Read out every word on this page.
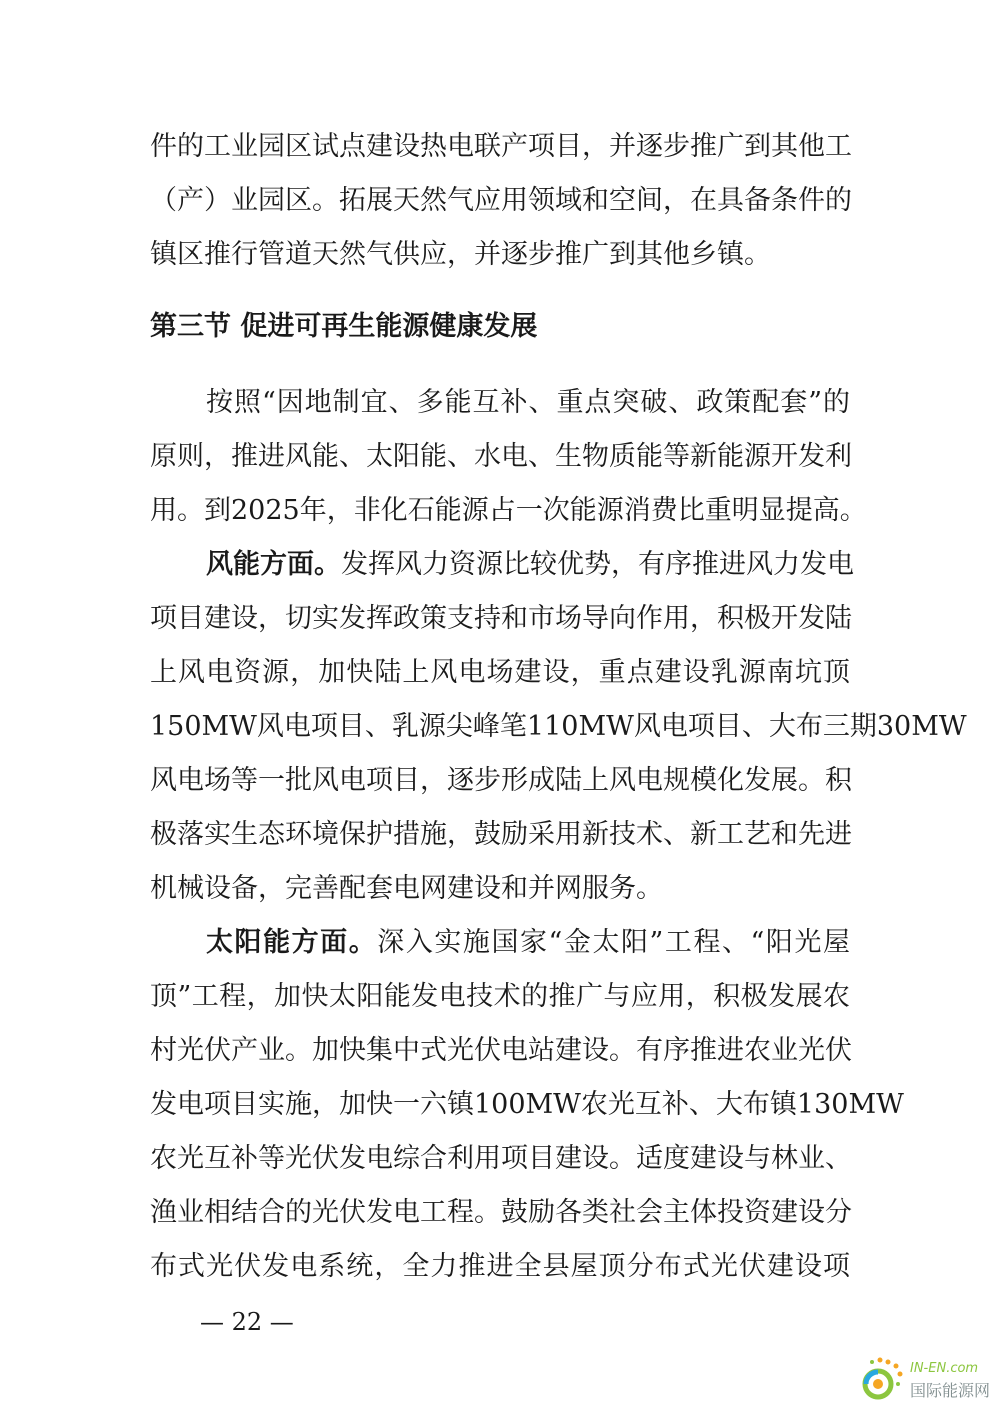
件的工业园区试点建设热电联产项目，并逐步推广到其他工
（产）业园区。拓展天然气应用领域和空间，在具备条件的
镇区推行管道天然气供应，并逐步推广到其他乡镇。
第三节 促进可再生能源健康发展
按照“因地制宜、多能互补、重点突破、政策配套”的
原则，推进风能、太阳能、水电、生物质能等新能源开发利
用。到2025年，非化石能源占一次能源消费比重明显提高。
风能方面。发挥风力资源比较优势，有序推进风力发电
项目建设，切实发挥政策支持和市场导向作用，积极开发陆
上风电资源，加快陆上风电场建设，重点建设乳源南坑顶
150MW风电项目、乳源尖峰笔110MW风电项目、大布三期30MW
风电场等一批风电项目，逐步形成陆上风电规模化发展。积
极落实生态环境保护措施，鼓励采用新技术、新工艺和先进
机械设备，完善配套电网建设和并网服务。
太阳能方面。深入实施国家“金太阳”工程、“阳光屋
顶”工程，加快太阳能发电技术的推广与应用，积极发展农
村光伏产业。加快集中式光伏电站建设。有序推进农业光伏
发电项目实施，加快一六镇100MW农光互补、大布镇130MW
农光互补等光伏发电综合利用项目建设。适度建设与林业、
渔业相结合的光伏发电工程。鼓励各类社会主体投资建设分
布式光伏发电系统，全力推进全县屋顶分布式光伏建设项
— 22 —
IN-EN.com
国际能源网
